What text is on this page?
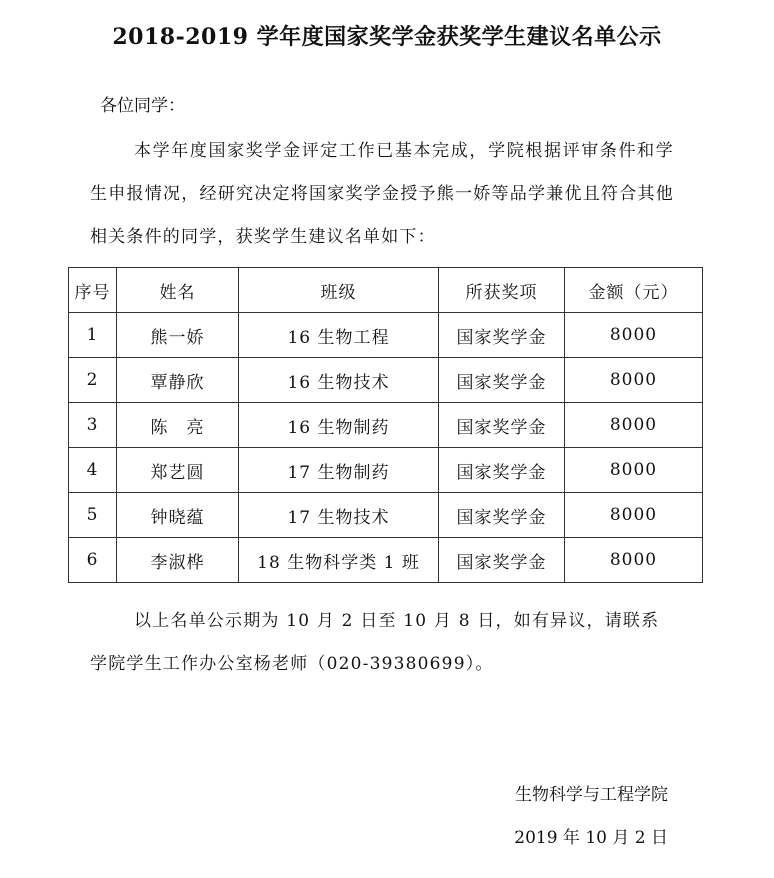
2018-2019 学年度国家奖学金获奖学生建议名单公示

各位同学：

本学年度国家奖学金评定工作已基本完成，学院根据评审条件和学生申报情况，经研究决定将国家奖学金授予熊一娇等品学兼优且符合其他相关条件的同学，获奖学生建议名单如下：

序号	姓名	班级	所获奖项	金额（元）
1	熊一娇	16 生物工程	国家奖学金	8000
2	覃静欣	16 生物技术	国家奖学金	8000
3	陈　亮	16 生物制药	国家奖学金	8000
4	郑艺圆	17 生物制药	国家奖学金	8000
5	钟晓蕴	17 生物技术	国家奖学金	8000
6	李淑桦	18 生物科学类 1 班	国家奖学金	8000

以上名单公示期为 10 月 2 日至 10 月 8 日，如有异议，请联系学院学生工作办公室杨老师（020-39380699）。

生物科学与工程学院

2019 年 10 月 2 日
